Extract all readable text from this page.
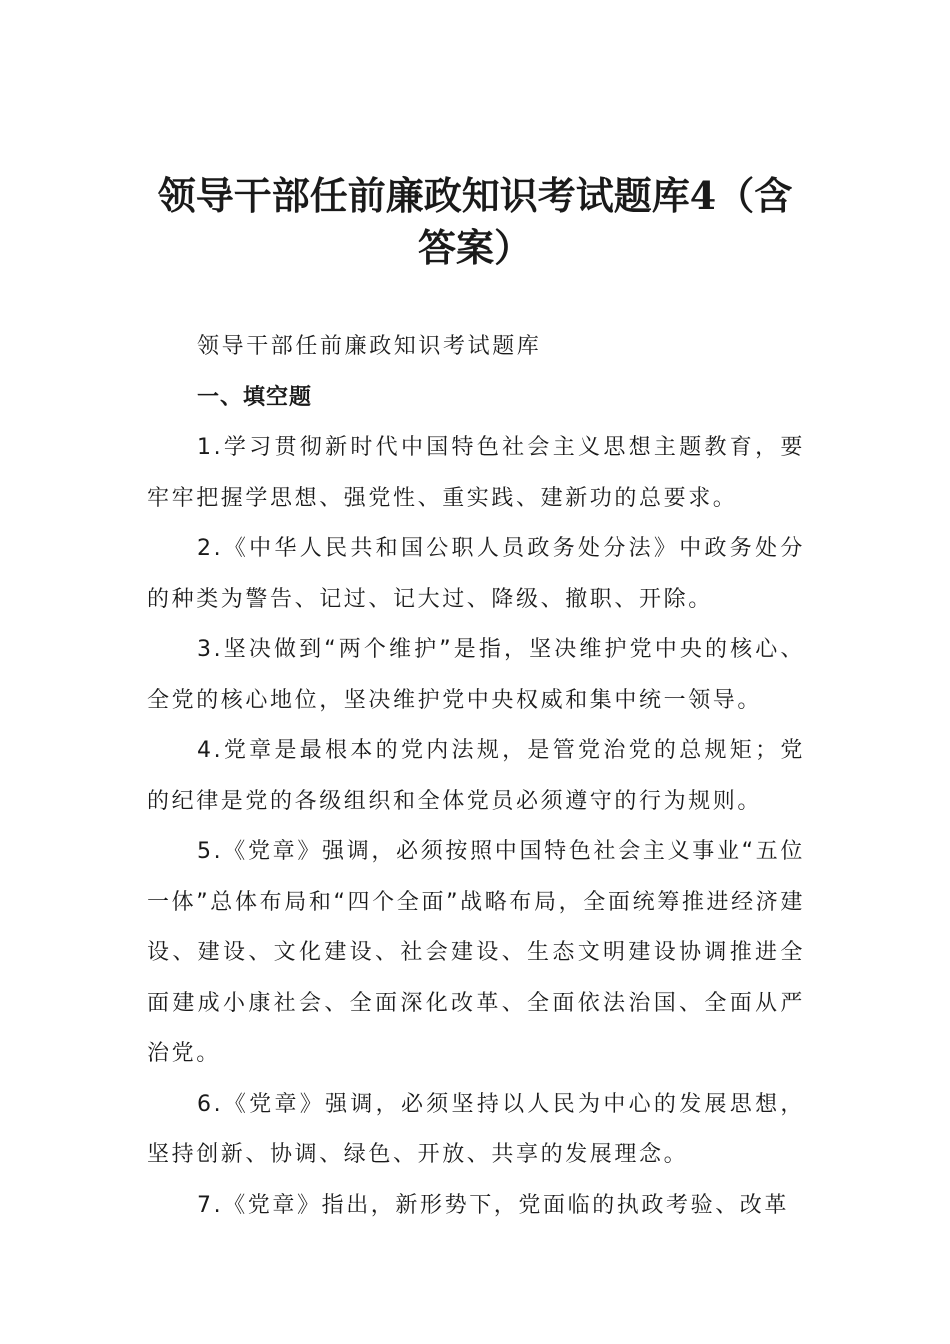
领导干部任前廉政知识考试题库4（含答案）

领导干部任前廉政知识考试题库

一、填空题

1.学习贯彻新时代中国特色社会主义思想主题教育，要牢牢把握学思想、强党性、重实践、建新功的总要求。

2.《中华人民共和国公职人员政务处分法》中政务处分的种类为警告、记过、记大过、降级、撤职、开除。

3.坚决做到“两个维护”是指，坚决维护党中央的核心、全党的核心地位，坚决维护党中央权威和集中统一领导。

4.党章是最根本的党内法规，是管党治党的总规矩；党的纪律是党的各级组织和全体党员必须遵守的行为规则。

5.《党章》强调，必须按照中国特色社会主义事业“五位一体”总体布局和“四个全面”战略布局，全面统筹推进经济建设、建设、文化建设、社会建设、生态文明建设协调推进全面建成小康社会、全面深化改革、全面依法治国、全面从严治党。

6.《党章》强调，必须坚持以人民为中心的发展思想，坚持创新、协调、绿色、开放、共享的发展理念。

7.《党章》指出，新形势下，党面临的执政考验、改革
